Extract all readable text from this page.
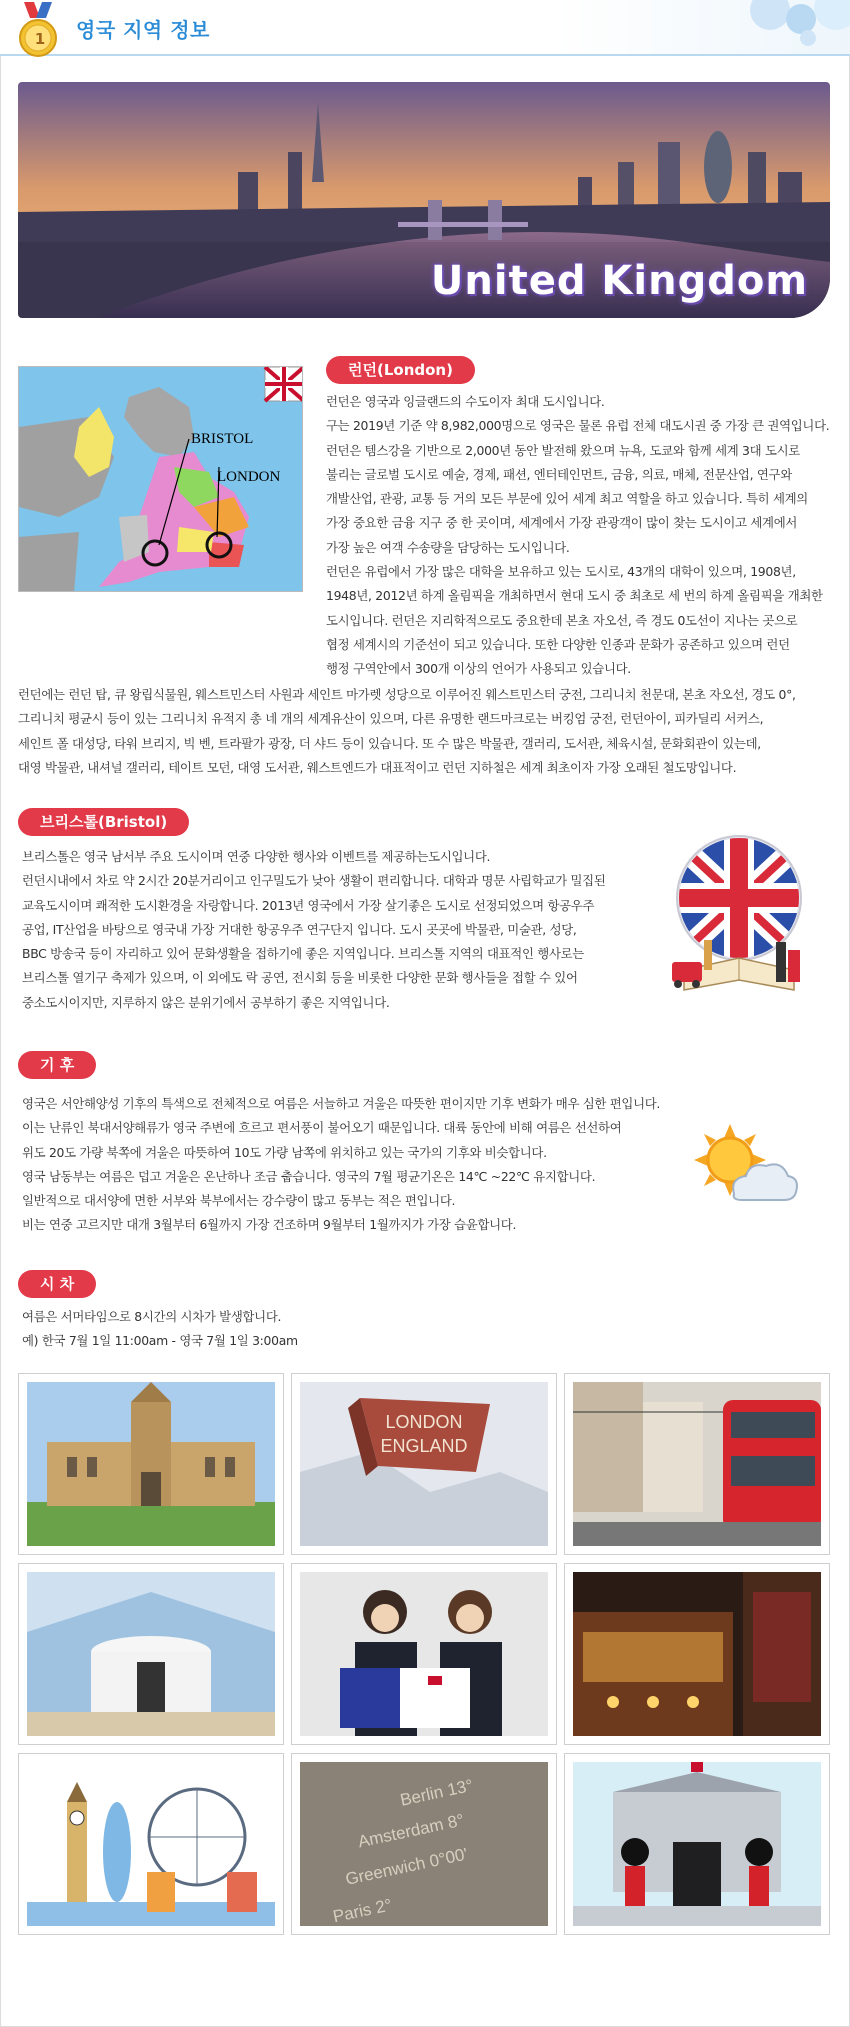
1 영국 지역 정보
United Kingdom
BRISTOL
LONDON
런던(London)

런던은 영국과 잉글랜드의 수도이자 최대 도시입니다.

구는 2019년 기준 약 8,982,000명으로 영국은 물론 유럽 전체 대도시권 중 가장 큰 권역입니다.

런던은 템스강을 기반으로 2,000년 동안 발전해 왔으며 뉴욕, 도쿄와 함께 세계 3대 도시로

불리는 글로벌 도시로 예술, 경제, 패션, 엔터테인먼트, 금융, 의료, 매체, 전문산업, 연구와

개발산업, 관광, 교통 등 거의 모든 부문에 있어 세계 최고 역할을 하고 있습니다. 특히 세계의

가장 중요한 금융 지구 중 한 곳이며, 세계에서 가장 관광객이 많이 찾는 도시이고 세계에서

가장 높은 여객 수송량을 담당하는 도시입니다.

런던은 유럽에서 가장 많은 대학을 보유하고 있는 도시로, 43개의 대학이 있으며, 1908년,

1948년, 2012년 하계 올림픽을 개최하면서 현대 도시 중 최초로 세 번의 하계 올림픽을 개최한

도시입니다. 런던은 지리학적으로도 중요한데 본초 자오선, 즉 경도 0도선이 지나는 곳으로

협정 세계시의 기준선이 되고 있습니다. 또한 다양한 인종과 문화가 공존하고 있으며 런던

행정 구역안에서 300개 이상의 언어가 사용되고 있습니다.

런던에는 런던 탑, 큐 왕립식물원, 웨스트민스터 사원과 세인트 마가렛 성당으로 이루어진 웨스트민스터 궁전, 그리니치 천문대, 본초 자오선, 경도 0°,

그리니치 평균시 등이 있는 그리니치 유적지 총 네 개의 세계유산이 있으며, 다른 유명한 랜드마크로는 버킹엄 궁전, 런던아이, 피카딜리 서커스,

세인트 폴 대성당, 타워 브리지, 빅 벤, 트라팔가 광장, 더 샤드 등이 있습니다. 또 수 많은 박물관, 갤러리, 도서관, 체육시설, 문화회관이 있는데,

대영 박물관, 내셔널 갤러리, 테이트 모던, 대영 도서관, 웨스트엔드가 대표적이고 런던 지하철은 세계 최초이자 가장 오래된 철도망입니다.

브리스톨(Bristol)

브리스톨은 영국 남서부 주요 도시이며 연중 다양한 행사와 이벤트를 제공하는도시입니다.

런던시내에서 차로 약 2시간 20분거리이고 인구밀도가 낮아 생활이 편리합니다. 대학과 명문 사립학교가 밀집된

교육도시이며 쾌적한 도시환경을 자랑합니다. 2013년 영국에서 가장 살기좋은 도시로 선정되었으며 항공우주

공업, IT산업을 바탕으로 영국내 가장 거대한 항공우주 연구단지 입니다. 도시 곳곳에 박물관, 미술관, 성당,

BBC 방송국 등이 자리하고 있어 문화생활을 접하기에 좋은 지역입니다. 브리스톨 지역의 대표적인 행사로는

브리스톨 열기구 축제가 있으며, 이 외에도 락 공연, 전시회 등을 비롯한 다양한 문화 행사들을 접할 수 있어

중소도시이지만, 지루하지 않은 분위기에서 공부하기 좋은 지역입니다.

기 후

영국은 서안해양성 기후의 특색으로 전체적으로 여름은 서늘하고 겨울은 따뜻한 편이지만 기후 변화가 매우 심한 편입니다.

이는 난류인 북대서양해류가 영국 주변에 흐르고 편서풍이 불어오기 때문입니다. 대륙 동안에 비해 여름은 선선하여

위도 20도 가량 북쪽에 겨울은 따뜻하여 10도 가량 남쪽에 위치하고 있는 국가의 기후와 비슷합니다.

영국 남동부는 여름은 덥고 겨울은 온난하나 조금 춥습니다. 영국의 7월 평균기온은 14℃ ~22℃ 유지합니다.

일반적으로 대서양에 면한 서부와 북부에서는 강수량이 많고 동부는 적은 편입니다.

비는 연중 고르지만 대개 3월부터 6월까지 가장 건조하며 9월부터 1월까지가 가장 습윤합니다.

시 차

여름은 서머타임으로 8시간의 시차가 발생합니다.

예) 한국 7월 1일 11:00am - 영국 7월 1일 3:00am

LONDON
ENGLAND
Berlin 13°
Amsterdam 8°
Greenwich 0°00'
Paris 2°
